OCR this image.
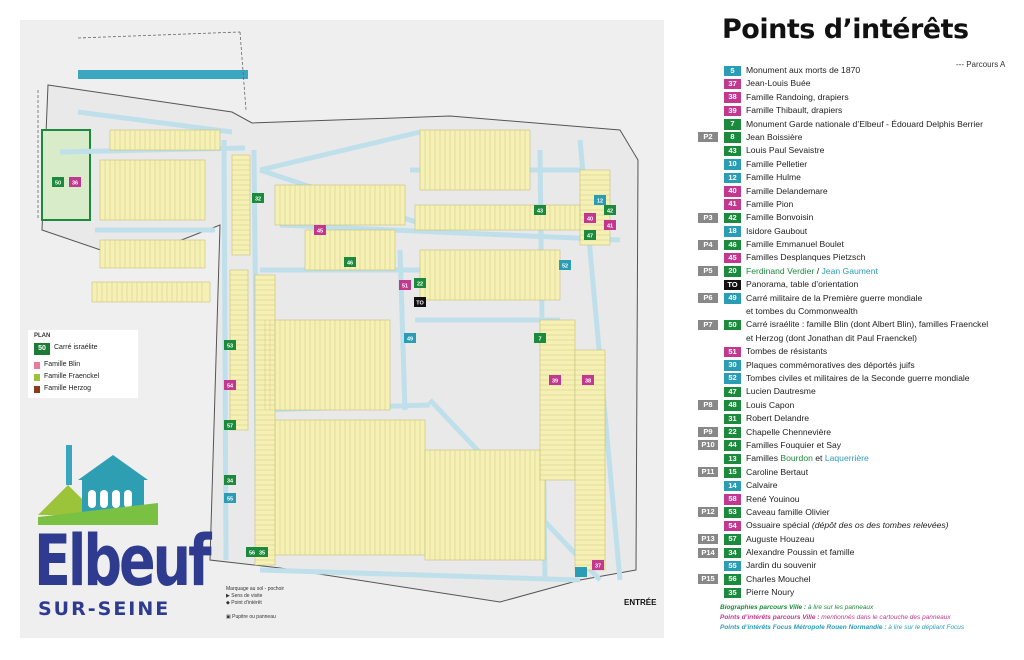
50 36
32
46
45
52
42
41
40
43
53
54
57
34
55
56 35
7
39	38
37
49
12
47
22
51
TO
PLAN
50	Carré israélite
Famille Blin
Famille Fraenckel
Famille Herzog
Elbeuf
SUR-SEINE
Marquage au sol - pochoir
▶ Sens de visite
◆ Point d’intérêt
▣ Pupitre ou panneau
ENTRÉE
Points d’intérêts
--- Parcours A
5	Monument aux morts de 1870
37	Jean-Louis Buée
38	Famille Randoing, drapiers
39	Famille Thibault, drapiers
7	Monument Garde nationale d’Elbeuf - Édouard Delphis Berrier
P2	8	Jean Boissière
43	Louis Paul Sevaistre
10	Famille Pelletier
12	Famille Hulme
40	Famille Delandemare
41	Famille Pion
P3	42	Famille Bonvoisin
18	Isidore Gaubout
P4	46	Famille Emmanuel Boulet
45	Familles Desplanques Pietzsch
P5	20	Ferdinand Verdier / Jean Gaument
TO Panorama, table d’orientation
P6	49	Carré militaire de la Première guerre mondiale
et tombes du Commonwealth
P7	50	Carré israélite : famille Blin (dont Albert Blin), familles Fraenckel
et Herzog (dont Jonathan dit Paul Fraenckel)
51	Tombes de résistants
30	Plaques commémoratives des déportés juifs
52	Tombes civiles et militaires de la Seconde guerre mondiale
47	Lucien Dautresme
P8	48	Louis Capon
31	Robert Delandre
P9	22	Chapelle Chennevière
P10	44	Familles Fouquier et Say
13	Familles Bourdon et Laquerrière
P11	15	Caroline Bertaut
14	Calvaire
58	René Youinou
P12	53	Caveau famille Olivier
54	Ossuaire spécial (dépôt des os des tombes relevées)
P13	57	Auguste Houzeau
P14	34	Alexandre Poussin et famille
55	Jardin du souvenir
P15	56	Charles Mouchel
35	Pierre Noury
Biographies parcours Ville : à lire sur les panneaux
Points d’intérêts parcours Ville : mentionnés dans le cartouche des panneaux
Points d’intérêts Focus Métropole Rouen Normandie : à lire sur le dépliant Focus
